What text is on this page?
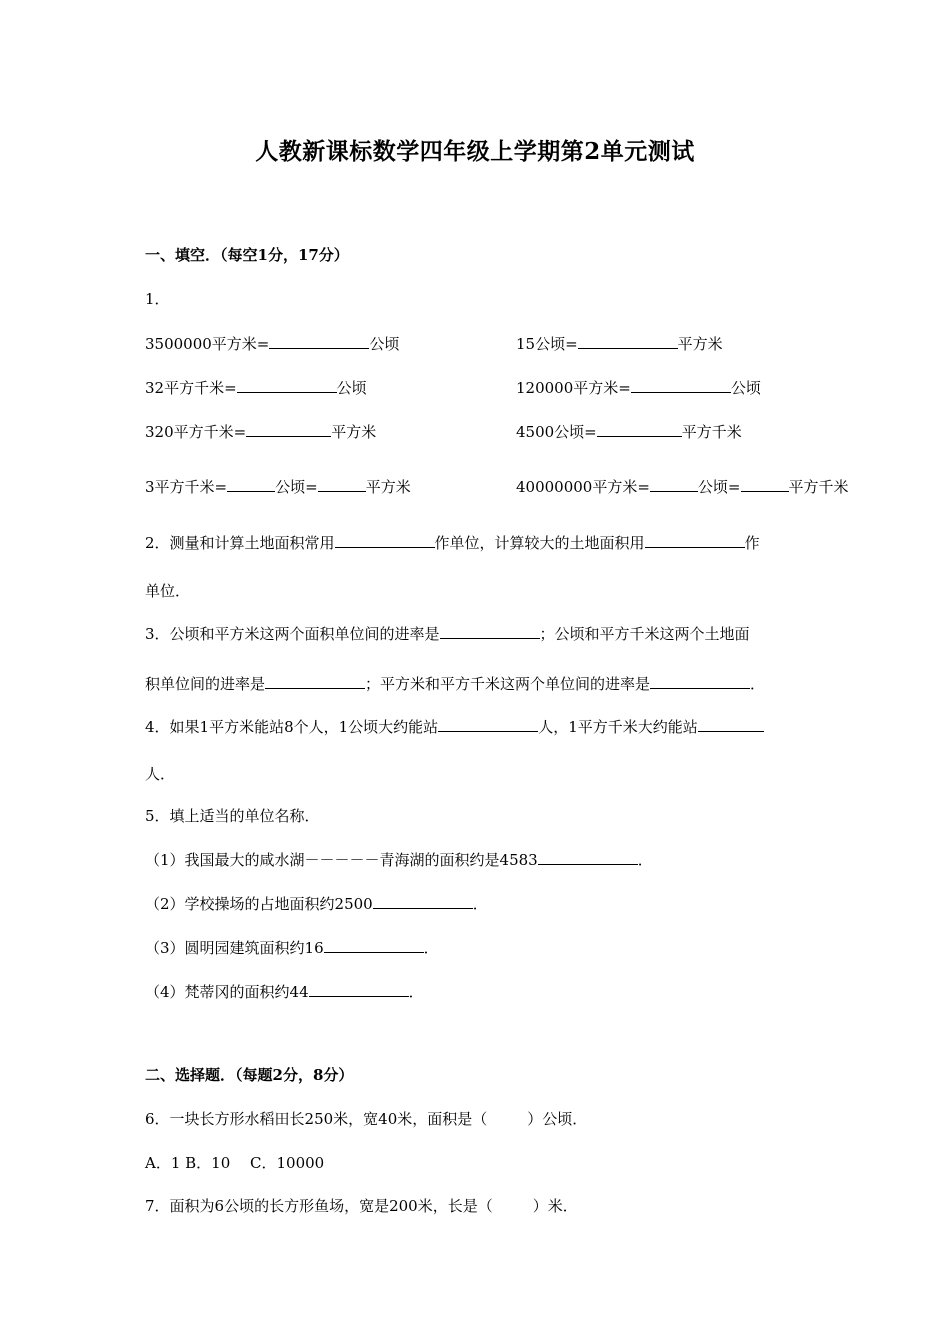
人教新课标数学四年级上学期第2单元测试
一、填空．（每空1分，17分）
1．
3500000平方米=	公顷	15公顷=	平方米
32平方千米=	公顷	120000平方米=	公顷
320平方千米=	平方米	4500公顷=	平方千米
3平方千米=	公顷=	平方米	40000000平方米=	公顷=	平方千米
2．测量和计算土地面积常用	作单位，计算较大的土地面积用	作
单位．
3．公顷和平方米这两个面积单位间的进率是	；公顷和平方千米这两个土地面
积单位间的进率是	；平方米和平方千米这两个单位间的进率是	．
4．如果1平方米能站8个人，1公顷大约能站	人，1平方千米大约能站
人．
5．填上适当的单位名称．
（1）我国最大的咸水湖－－－－－青海湖的面积约是4583	．
（2）学校操场的占地面积约2500	．
（3）圆明园建筑面积约16	．
（4）梵蒂冈的面积约44	．
二、选择题．（每题2分，8分）
6．一块长方形水稻田长250米，宽40米，面积是（	）公顷．
A．1 B．10　 C．10000
7．面积为6公顷的长方形鱼场，宽是200米，长是（	）米．
